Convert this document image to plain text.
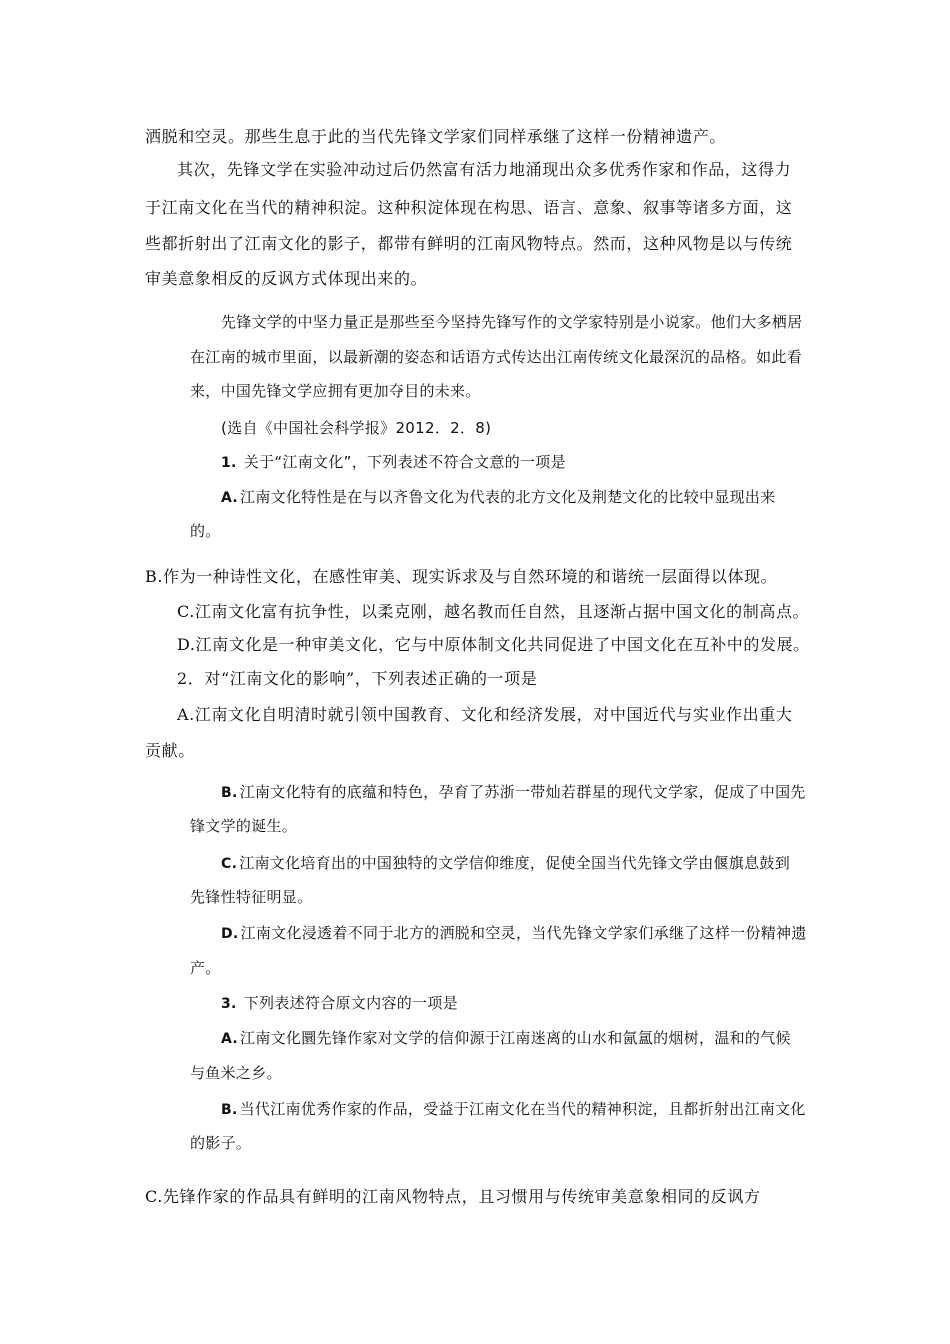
洒脱和空灵。那些生息于此的当代先锋文学家们同样承继了这样一份精神遗产。
其次，先锋文学在实验冲动过后仍然富有活力地涌现出众多优秀作家和作品，这得力
于江南文化在当代的精神积淀。这种积淀体现在构思、语言、意象、叙事等诸多方面，这
些都折射出了江南文化的影子，都带有鲜明的江南风物特点。然而，这种风物是以与传统
审美意象相反的反讽方式体现出来的。
先锋文学的中坚力量正是那些至今坚持先锋写作的文学家特别是小说家。他们大多栖居
在江南的城市里面，以最新潮的姿态和话语方式传达出江南传统文化最深沉的品格。如此看
来，中国先锋文学应拥有更加夺目的未来。
(选自《中国社会科学报》2012．2．8)
1. 关于“江南文化”，下列表述不符合文意的一项是
A. 江南文化特性是在与以齐鲁文化为代表的北方文化及荆楚文化的比较中显现出来
的。
B.作为一种诗性文化，在感性审美、现实诉求及与自然环境的和谐统一层面得以体现。
C.江南文化富有抗争性，以柔克刚，越名教而任自然，且逐渐占据中国文化的制高点。
D.江南文化是一种审美文化，它与中原体制文化共同促进了中国文化在互补中的发展。
2．对“江南文化的影响”，下列表述正确的一项是
A.江南文化自明清时就引领中国教育、文化和经济发展，对中国近代与实业作出重大
贡献。
B. 江南文化特有的底蕴和特色，孕育了苏浙一带灿若群星的现代文学家，促成了中国先
锋文学的诞生。
C. 江南文化培育出的中国独特的文学信仰维度，促使全国当代先锋文学由偃旗息鼓到
先锋性特征明显。
D. 江南文化浸透着不同于北方的洒脱和空灵，当代先锋文学家们承继了这样一份精神遗
产。
3. 下列表述符合原文内容的一项是
A. 江南文化圜先锋作家对文学的信仰源于江南迷离的山水和氤氲的烟树，温和的气候
与鱼米之乡。
B. 当代江南优秀作家的作品，受益于江南文化在当代的精神积淀，且都折射出江南文化
的影子。
C.先锋作家的作品具有鲜明的江南风物特点，且习惯用与传统审美意象相同的反讽方
